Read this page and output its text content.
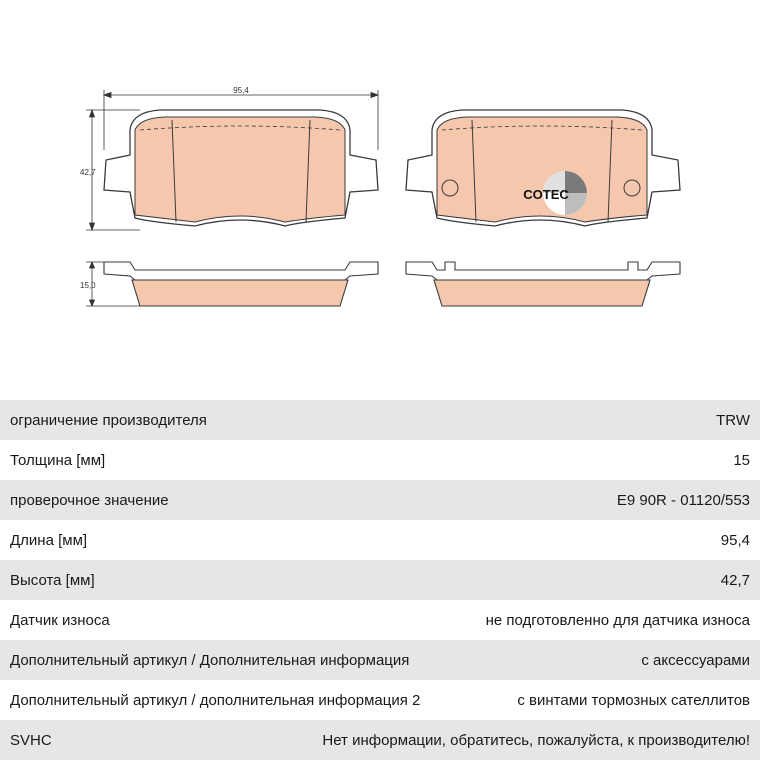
95,4
42,7
15,0
COTEC
ограничение производителя	TRW
Толщина [мм]	15
проверочное значение	E9 90R - 01120/553
Длина [мм]	95,4
Высота [мм]	42,7
Датчик износа	не подготовленно для датчика износа
Дополнительный артикул / Дополнительная информация	с аксессуарами
Дополнительный артикул / дополнительная информация 2	с винтами тормозных сателлитов
SVHC	Нет информации, обратитесь, пожалуйста, к производителю!
